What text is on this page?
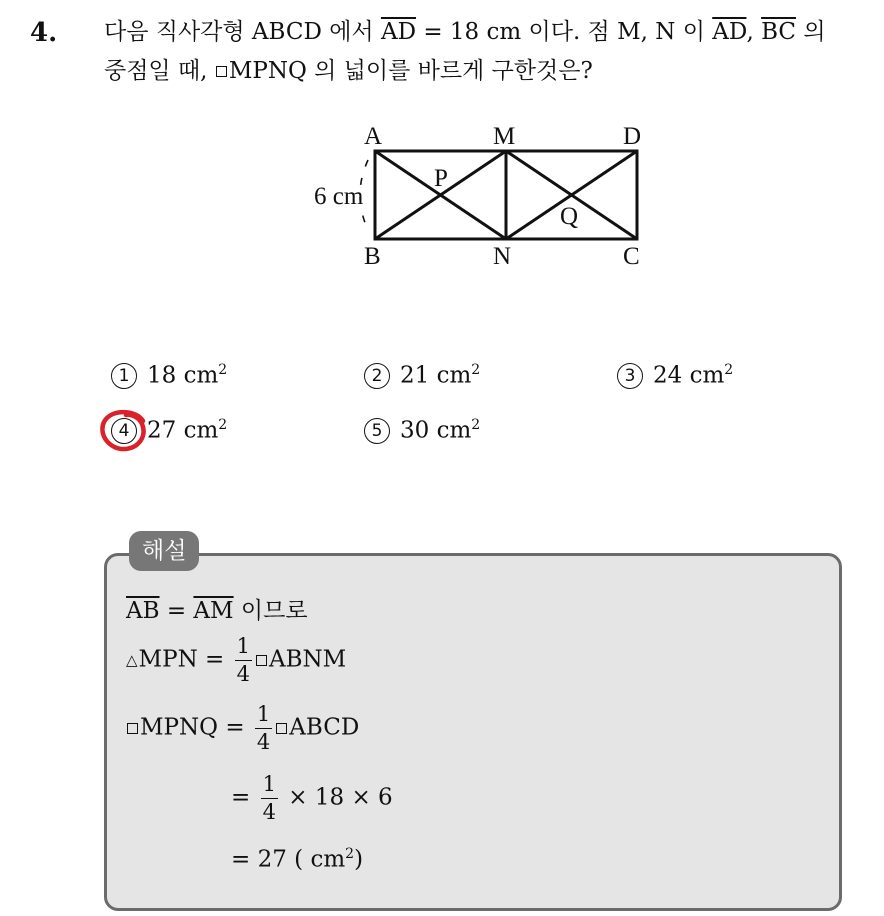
4. 다음 직사각형 ABCD 에서 $\overline{AD} = 18$ cm 이다. 점 M, N 이 $\overline{AD}$, $\overline{BC}$ 의
중점일 때, MPNQ 의 넓이를 바르게 구한것은?
A	M	D
B	N	C
P
Q
6 cm
1 18 $cm^2$	2 21 $cm^2$	3 24 $cm^2$
4 27 $cm^2$	5 30 $cm^2$
해설
$\overline{AB} = \overline{AM}$ 이므로
△MPN = $\frac{1}{4}$ ABNM
MPNQ = $\frac{1}{4}$ ABCD
= $\frac{1}{4} \times 18 \times 6$
= 27 ( $cm^2$)
